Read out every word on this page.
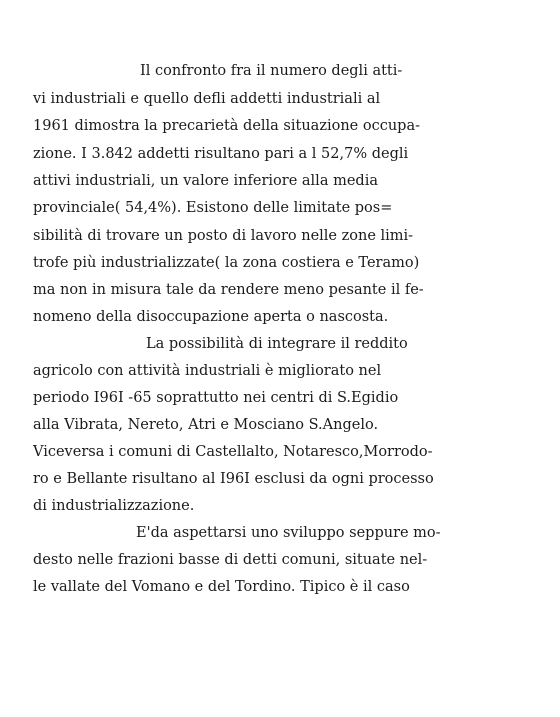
Il confronto fra il numero degli atti-
vi industriali e quello defli addetti industriali al
1961 dimostra la precarietà della situazione occupa-
zione. I 3.842 addetti risultano pari a l 52,7% degli
attivi industriali, un valore inferiore alla media
provinciale( 54,4%). Esistono delle limitate pos=
sibilità di trovare un posto di lavoro nelle zone limi-
trofe più industrializzate( la zona costiera e Teramo)
ma non in misura tale da rendere meno pesante il fe-
nomeno della disoccupazione aperta o nascosta.
La possibilità di integrare il reddito
agricolo con attività industriali è migliorato nel
periodo I96I -65 soprattutto nei centri di S.Egidio
alla Vibrata, Nereto, Atri e Mosciano S.Angelo.
Viceversa i comuni di Castellalto, Notaresco,Morrodo-
ro e Bellante risultano al I96I esclusi da ogni processo
di industrializzazione.
E'da aspettarsi uno sviluppo seppure mo-
desto nelle frazioni basse di detti comuni, situate nel-
le vallate del Vomano e del Tordino. Tipico è il caso
